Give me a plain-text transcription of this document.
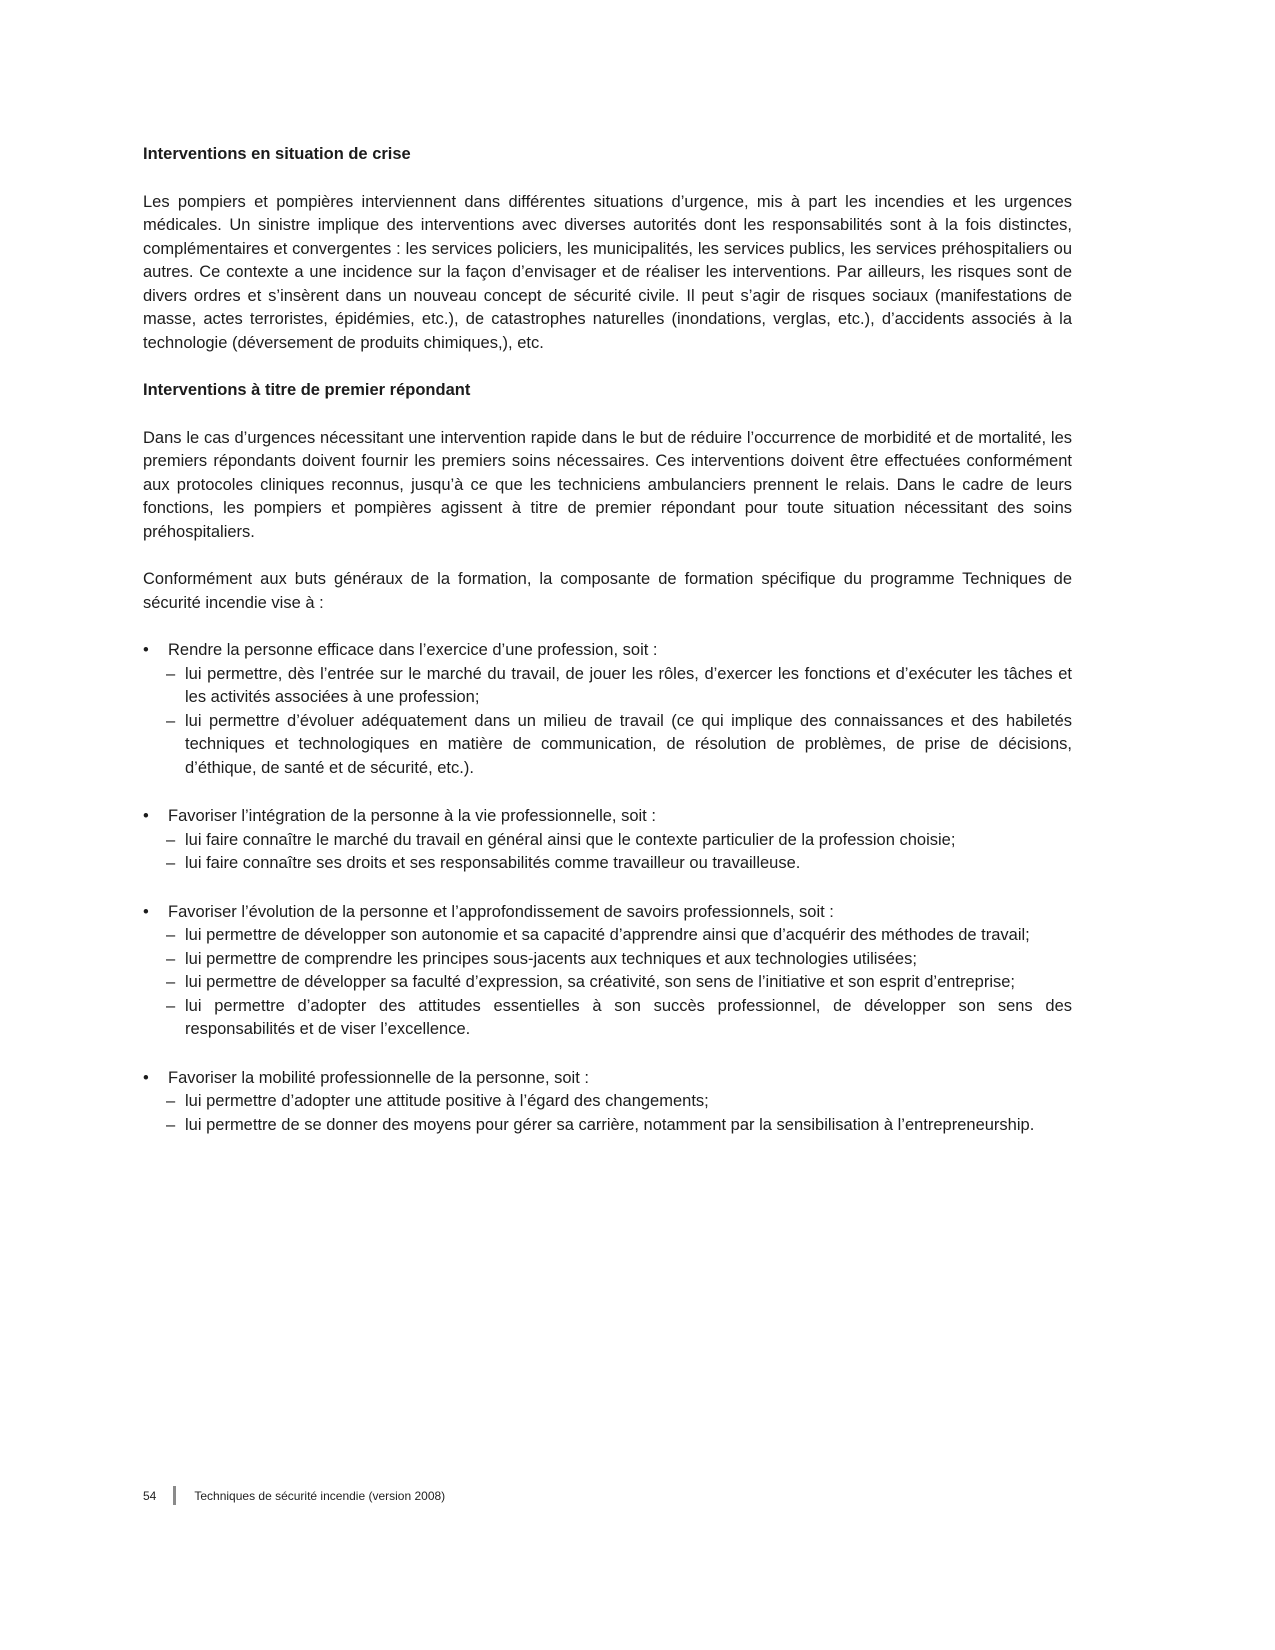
Interventions en situation de crise
Les pompiers et pompières interviennent dans différentes situations d’urgence, mis à part les incendies et les urgences médicales. Un sinistre implique des interventions avec diverses autorités dont les responsabilités sont à la fois distinctes, complémentaires et convergentes : les services policiers, les municipalités, les services publics, les services préhospitaliers ou autres. Ce contexte a une incidence sur la façon d’envisager et de réaliser les interventions. Par ailleurs, les risques sont de divers ordres et s’insèrent dans un nouveau concept de sécurité civile. Il peut s’agir de risques sociaux (manifestations de masse, actes terroristes, épidémies, etc.), de catastrophes naturelles (inondations, verglas, etc.), d’accidents associés à la technologie (déversement de produits chimiques,), etc.
Interventions à titre de premier répondant
Dans le cas d’urgences nécessitant une intervention rapide dans le but de réduire l’occurrence de morbidité et de mortalité, les premiers répondants doivent fournir les premiers soins nécessaires. Ces interventions doivent être effectuées conformément aux protocoles cliniques reconnus, jusqu’à ce que les techniciens ambulanciers prennent le relais. Dans le cadre de leurs fonctions, les pompiers et pompières agissent à titre de premier répondant pour toute situation nécessitant des soins préhospitaliers.
Conformément aux buts généraux de la formation, la composante de formation spécifique du programme Techniques de sécurité incendie vise à :
•	Rendre la personne efficace dans l’exercice d’une profession, soit :
– lui permettre, dès l’entrée sur le marché du travail, de jouer les rôles, d’exercer les fonctions et d’exécuter les tâches et les activités associées à une profession;
– lui permettre d’évoluer adéquatement dans un milieu de travail (ce qui implique des connaissances et des habiletés techniques et technologiques en matière de communication, de résolution de problèmes, de prise de décisions, d’éthique, de santé et de sécurité, etc.).
•	Favoriser l’intégration de la personne à la vie professionnelle, soit :
– lui faire connaître le marché du travail en général ainsi que le contexte particulier de la profession choisie;
– lui faire connaître ses droits et ses responsabilités comme travailleur ou travailleuse.
•	Favoriser l’évolution de la personne et l’approfondissement de savoirs professionnels, soit :
– lui permettre de développer son autonomie et sa capacité d’apprendre ainsi que d’acquérir des méthodes de travail;
– lui permettre de comprendre les principes sous-jacents aux techniques et aux technologies utilisées;
– lui permettre de développer sa faculté d’expression, sa créativité, son sens de l’initiative et son esprit d’entreprise;
– lui permettre d’adopter des attitudes essentielles à son succès professionnel, de développer son sens des responsabilités et de viser l’excellence.
•	Favoriser la mobilité professionnelle de la personne, soit :
– lui permettre d’adopter une attitude positive à l’égard des changements;
– lui permettre de se donner des moyens pour gérer sa carrière, notamment par la sensibilisation à l’entrepreneurship.
54	Techniques de sécurité incendie (version 2008)
